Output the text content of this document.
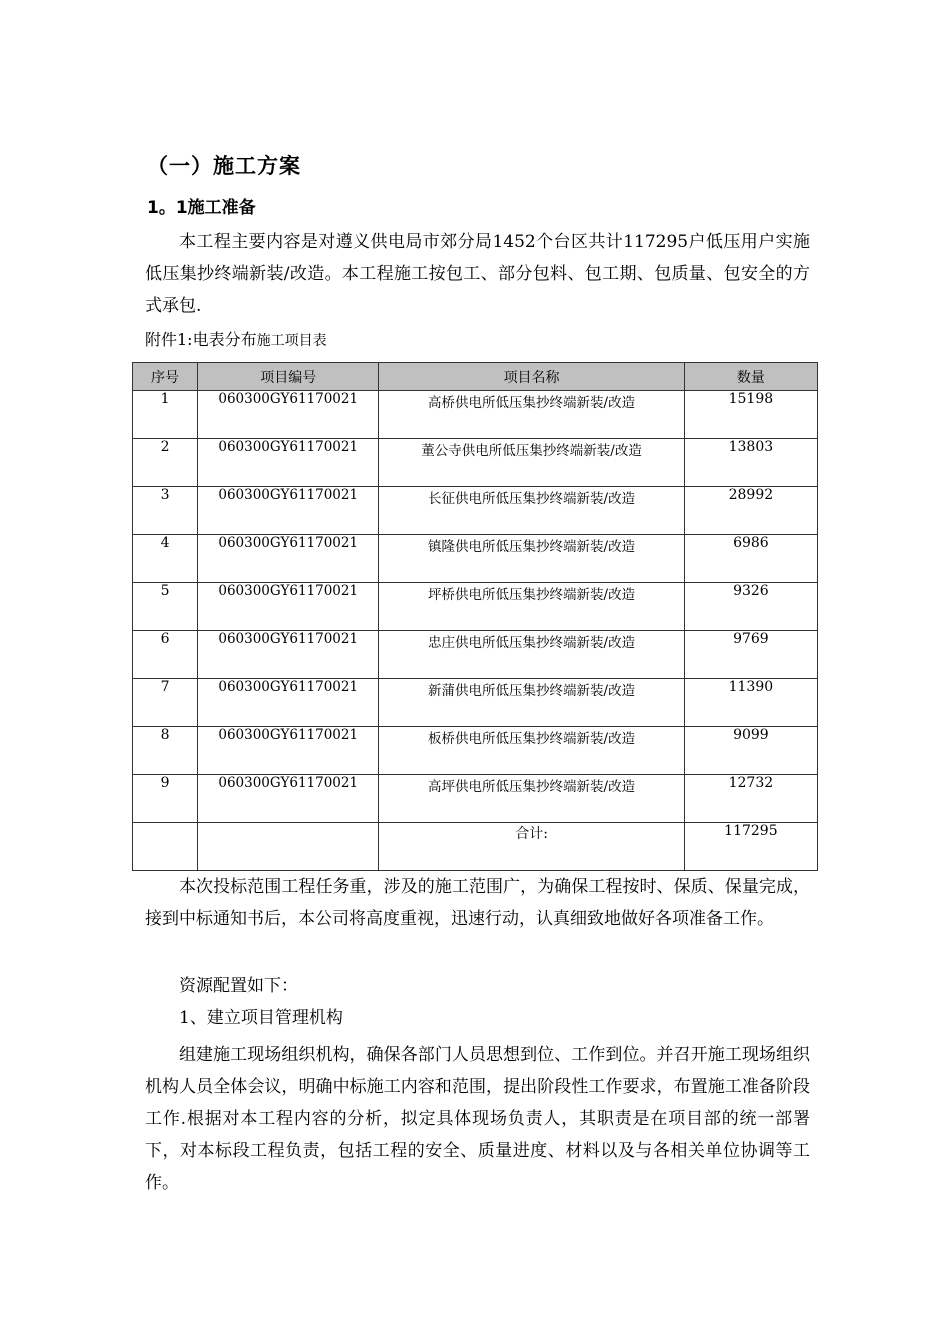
（一）施工方案
1。1施工准备

本工程主要内容是对遵义供电局市郊分局1452个台区共计117295户低压用户实施低压集抄终端新装/改造。本工程施工按包工、部分包料、包工期、包质量、包安全的方式承包.

附件1:电表分布施工项目表
序号	项目编号	项目名称	数量
1	060300GY61170021	高桥供电所低压集抄终端新装/改造	15198
2	060300GY61170021	董公寺供电所低压集抄终端新装/改造	13803
3	060300GY61170021	长征供电所低压集抄终端新装/改造	28992
4	060300GY61170021	镇隆供电所低压集抄终端新装/改造	6986
5	060300GY61170021	坪桥供电所低压集抄终端新装/改造	9326
6	060300GY61170021	忠庄供电所低压集抄终端新装/改造	9769
7	060300GY61170021	新蒲供电所低压集抄终端新装/改造	11390
8	060300GY61170021	板桥供电所低压集抄终端新装/改造	9099
9	060300GY61170021	高坪供电所低压集抄终端新装/改造	12732
		合计:	117295

本次投标范围工程任务重，涉及的施工范围广，为确保工程按时、保质、保量完成，接到中标通知书后，本公司将高度重视，迅速行动，认真细致地做好各项准备工作。

资源配置如下：

1、建立项目管理机构

组建施工现场组织机构，确保各部门人员思想到位、工作到位。并召开施工现场组织机构人员全体会议，明确中标施工内容和范围，提出阶段性工作要求，布置施工准备阶段工作.根据对本工程内容的分析，拟定具体现场负责人，其职责是在项目部的统一部署下，对本标段工程负责，包括工程的安全、质量进度、材料以及与各相关单位协调等工作。
